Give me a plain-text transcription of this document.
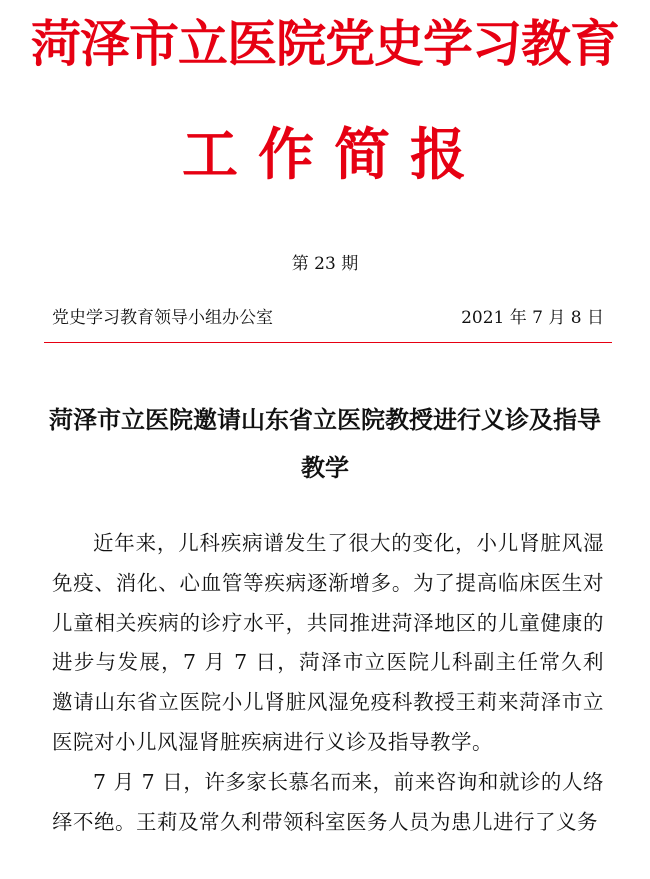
菏泽市立医院党史学习教育
工作简报
第 23 期
党史学习教育领导小组办公室	2021 年 7 月 8 日
菏泽市立医院邀请山东省立医院教授进行义诊及指导教学

近年来，儿科疾病谱发生了很大的变化，小儿肾脏风湿免疫、消化、心血管等疾病逐渐增多。为了提高临床医生对儿童相关疾病的诊疗水平，共同推进菏泽地区的儿童健康的进步与发展，7 月 7 日，菏泽市立医院儿科副主任常久利邀请山东省立医院小儿肾脏风湿免疫科教授王莉来菏泽市立医院对小儿风湿肾脏疾病进行义诊及指导教学。

7 月 7 日，许多家长慕名而来，前来咨询和就诊的人络绎不绝。王莉及常久利带领科室医务人员为患儿进行了义务
